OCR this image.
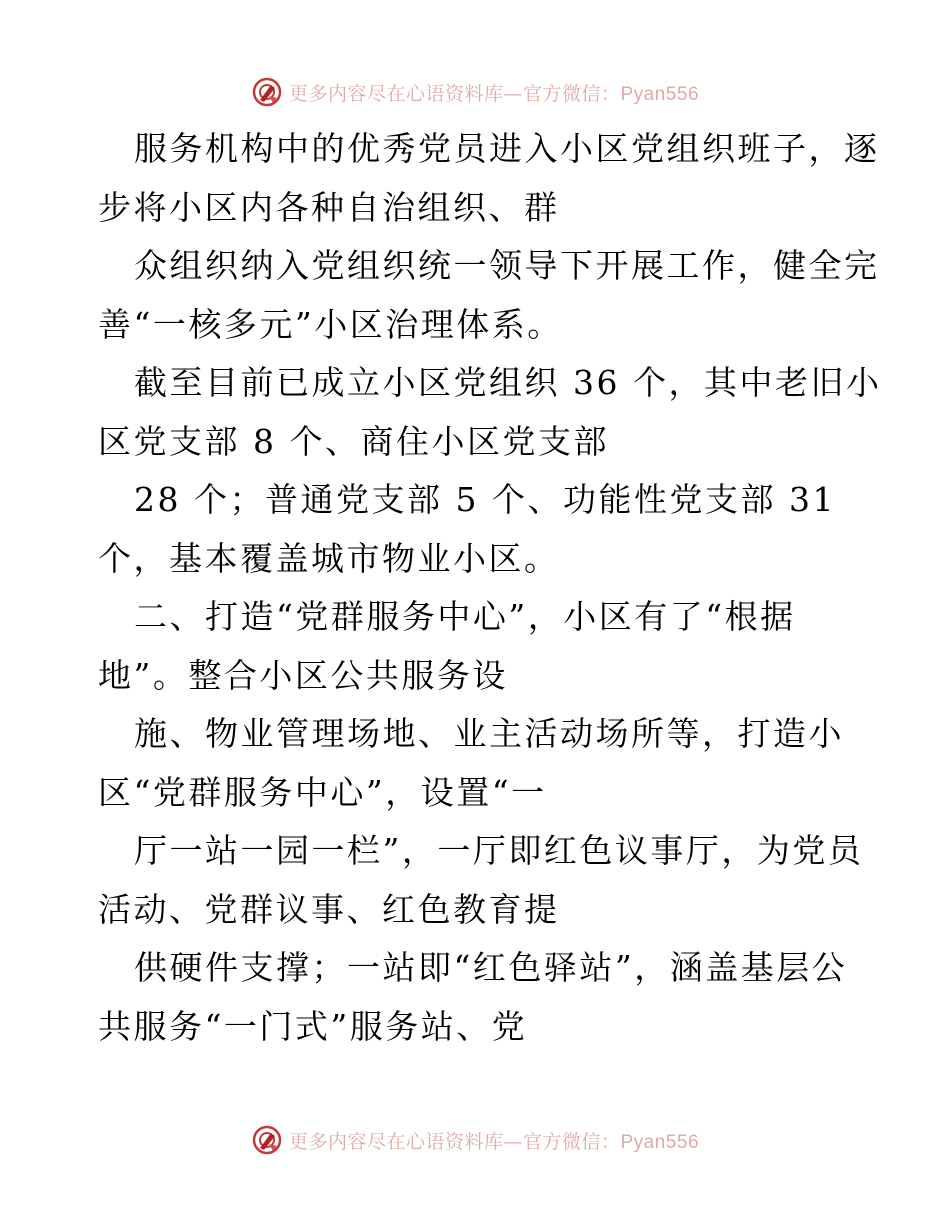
更多内容尽在心语资料库—官方微信：Pyan556
服务机构中的优秀党员进入小区党组织班子，逐
步将小区内各种自治组织、群
众组织纳入党组织统一领导下开展工作，健全完
善“一核多元”小区治理体系。
截至目前已成立小区党组织 36 个，其中老旧小
区党支部 8 个、商住小区党支部
28 个；普通党支部 5 个、功能性党支部 31
个，基本覆盖城市物业小区。
二、打造“党群服务中心”，小区有了“根据
地”。整合小区公共服务设
施、物业管理场地、业主活动场所等，打造小
区“党群服务中心”，设置“一
厅一站一园一栏”，一厅即红色议事厅，为党员
活动、党群议事、红色教育提
供硬件支撑；一站即“红色驿站”，涵盖基层公
共服务“一门式”服务站、党
更多内容尽在心语资料库—官方微信：Pyan556
